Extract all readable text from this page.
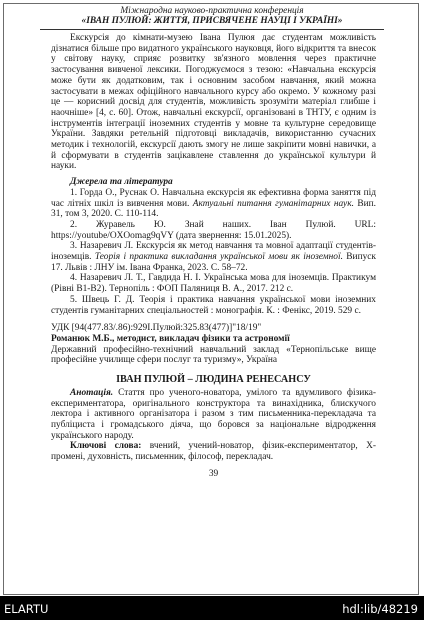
Міжнародна науково-практична конференція
«ІВАН ПУЛЮЙ: ЖИТТЯ, ПРИСВЯЧЕНЕ НАУЦІ І УКРАЇНІ»

Екскурсія до кімнати-музею Івана Пулюя дає студентам можливість дізнатися більше про видатного українського науковця, його відкриття та внесок у світову науку, сприяє розвитку зв'язного мовлення через практичне застосування вивченої лексики. Погоджуємося з тезою: «Навчальна екскурсія може бути як додатковим, так і основним засобом навчання, який можна застосувати в межах офіційного навчального курсу або окремо. У кожному разі це — корисний досвід для студентів, можливість зрозуміти матеріал глибше і наочніше» [4, с. 60]. Отож, навчальні екскурсії, організовані в ТНТУ, є одним із інструментів інтеграції іноземних студентів у мовне та культурне середовище України. Завдяки ретельній підготовці викладачів, використанню сучасних методик і технологій, екскурсії дають змогу не лише закріпити мовні навички, а й сформувати в студентів зацікавлене ставлення до української культури й науки.

Джерела та література

1. Горда О., Руснак О. Навчальна екскурсія як ефективна форма заняття під час літніх шкіл із вивчення мови. Актуальні питання гуманітарних наук. Вип. 31, том 3, 2020. С. 110-114.

2. Журавель Ю. Знай наших. Іван Пулюй. URL: https://youtube/OXOomag9qVY (дата звернення: 15.01.2025).

3. Назаревич Л. Екскурсія як метод навчання та мовної адаптації студентів-іноземців. Теорія і практика викладання української мови як іноземної. Випуск 17. Львів : ЛНУ ім. Івана Франка, 2023. С. 58–72.

4. Назаревич Л. Т., Гавдида Н. І. Українська мова для іноземців. Практикум (Рівні В1-В2). Тернопіль : ФОП Паляниця В. А., 2017. 212 с.

5. Швець Г. Д. Теорія і практика навчання української мови іноземних студентів гуманітарних спеціальностей : монографія. К. : Фенікс, 2019. 529 с.

УДК [94(477.83/.86):929І.Пулюй:325.83(477)]"18/19"

Романюк М.Б., методист, викладач фізики та астрономії

Державний професійно-технічний навчальний заклад «Тернопільське вище професійне училище сфери послуг та туризму», Україна

ІВАН ПУЛЮЙ – ЛЮДИНА РЕНЕСАНСУ

Анотація. Стаття про ученого-новатора, умілого та вдумливого фізика-експериментатора, оригінального конструктора та винахідника, блискучого лектора і активного організатора і разом з тим письменника-перекладача та публіциста і громадського діяча, що боровся за національне відродження українського народу.

Ключові слова: вчений, учений-новатор, фізик-експериментатор, Х-промені, духовність, письменник, філософ, перекладач.

39
ELARTU	hdl:lib/48219
